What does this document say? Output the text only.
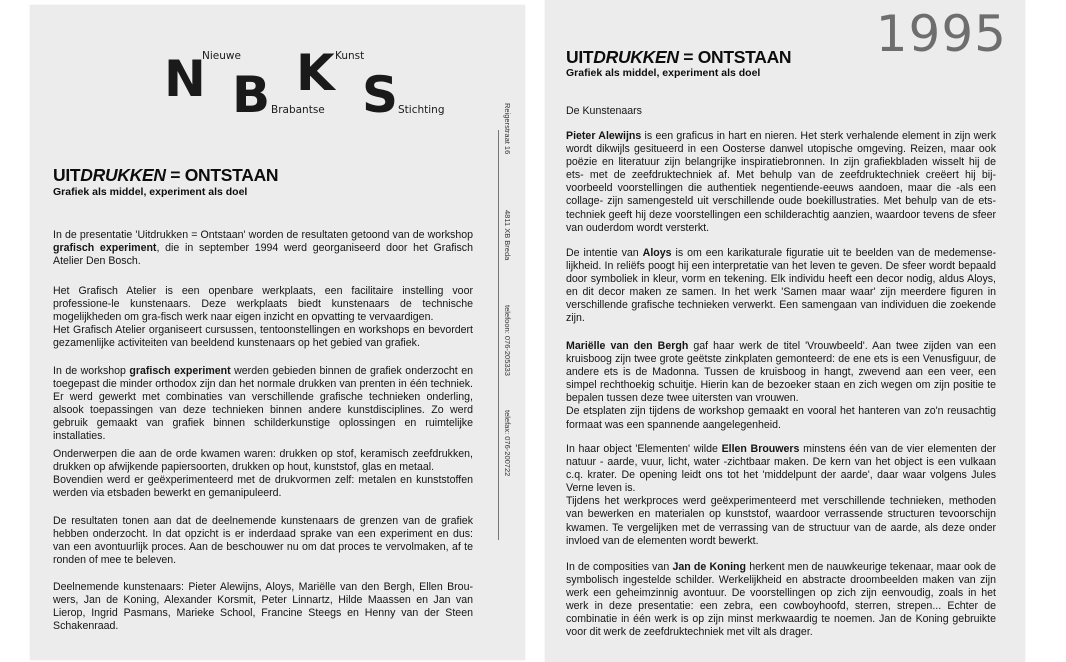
N
Nieuwe
B Brabantse
K Kunst
S Stichting	Reigerstraat 16
4811 XB Breda
telefoon: 076-205333
telefax: 076-200722
UITDRUKKEN = ONTSTAAN
Grafiek als middel, experiment als doel

In de presentatie 'Uitdrukken = Ontstaan' worden de resultaten getoond van de workshop grafisch experiment, die in september 1994 werd georganiseerd door het Grafisch Atelier Den Bosch.

Het Grafisch Atelier is een openbare werkplaats, een facilitaire instelling voor professione-le kunstenaars. Deze werkplaats biedt kunstenaars de technische mogelijkheden om gra-fisch werk naar eigen inzicht en opvatting te vervaardigen.
Het Grafisch Atelier organiseert cursussen, tentoonstellingen en workshops en bevordert gezamenlijke activiteiten van beeldend kunstenaars op het gebied van grafiek.

In de workshop grafisch experiment werden gebieden binnen de grafiek onderzocht en toegepast die minder orthodox zijn dan het normale drukken van prenten in één techniek. Er werd gewerkt met combinaties van verschillende grafische technieken onderling, alsook toepassingen van deze technieken binnen andere kunstdisciplines. Zo werd gebruik gemaakt van grafiek binnen schilderkunstige oplossingen en ruimtelijke installaties.

Onderwerpen die aan de orde kwamen waren: drukken op stof, keramisch zeefdrukken, drukken op afwijkende papiersoorten, drukken op hout, kunststof, glas en metaal.
Bovendien werd er geëxperimenteerd met de drukvormen zelf: metalen en kunststoffen werden via etsbaden bewerkt en gemanipuleerd.

De resultaten tonen aan dat de deelnemende kunstenaars de grenzen van de grafiek hebben onderzocht. In dat opzicht is er inderdaad sprake van een experiment en dus: van een avontuurlijk proces. Aan de beschouwer nu om dat proces te vervolmaken, af te ronden of mee te beleven.

Deelnemende kunstenaars: Pieter Alewijns, Aloys, Mariëlle van den Bergh, Ellen Brou-wers, Jan de Koning, Alexander Korsmit, Peter Linnartz, Hilde Maassen en Jan van Lierop, Ingrid Pasmans, Marieke School, Francine Steegs en Henny van der Steen Schakenraad.

1995
UITDRUKKEN = ONTSTAAN
Grafiek als middel, experiment als doel
De Kunstenaars

Pieter Alewijns is een graficus in hart en nieren. Het sterk verhalende element in zijn werk wordt dikwijls gesitueerd in een Oosterse danwel utopische omgeving. Reizen, maar ook poëzie en literatuur zijn belangrijke inspiratiebronnen. In zijn grafiekbladen wisselt hij de ets- met de zeefdruktechniek af. Met behulp van de zeefdruktechniek creëert hij bij-voorbeeld voorstellingen die authentiek negentiende-eeuws aandoen, maar die -als een collage- zijn samengesteld uit verschillende oude boekillustraties. Met behulp van de ets-techniek geeft hij deze voorstellingen een schilderachtig aanzien, waardoor tevens de sfeer van ouderdom wordt versterkt.

De intentie van Aloys is om een karikaturale figuratie uit te beelden van de medemense-lijkheid. In reliëfs poogt hij een interpretatie van het leven te geven. De sfeer wordt bepaald door symboliek in kleur, vorm en tekening. Elk individu heeft een decor nodig, aldus Aloys, en dit decor maken ze samen. In het werk 'Samen maar waar' zijn meerdere figuren in verschillende grafische technieken verwerkt. Een samengaan van individuen die zoekende zijn.

Mariëlle van den Bergh gaf haar werk de titel 'Vrouwbeeld'. Aan twee zijden van een kruisboog zijn twee grote geëtste zinkplaten gemonteerd: de ene ets is een Venusfiguur, de andere ets is de Madonna. Tussen de kruisboog in hangt, zwevend aan een veer, een simpel rechthoekig schuitje. Hierin kan de bezoeker staan en zich wegen om zijn positie te bepalen tussen deze twee uitersten van vrouwen.
De etsplaten zijn tijdens de workshop gemaakt en vooral het hanteren van zo'n reusachtig formaat was een spannende aangelegenheid.

In haar object 'Elementen' wilde Ellen Brouwers minstens één van de vier elementen der natuur - aarde, vuur, licht, water -zichtbaar maken. De kern van het object is een vulkaan c.q. krater. De opening leidt ons tot het 'middelpunt der aarde', daar waar volgens Jules Verne leven is.
Tijdens het werkproces werd geëxperimenteerd met verschillende technieken, methoden van bewerken en materialen op kunststof, waardoor verrassende structuren tevoorschijn kwamen. Te vergelijken met de verrassing van de structuur van de aarde, als deze onder invloed van de elementen wordt bewerkt.

In de composities van Jan de Koning herkent men de nauwkeurige tekenaar, maar ook de symbolisch ingestelde schilder. Werkelijkheid en abstracte droombeelden maken van zijn werk een geheimzinnig avontuur. De voorstellingen op zich zijn eenvoudig, zoals in het werk in deze presentatie: een zebra, een cowboyhoofd, sterren, strepen... Echter de combinatie in één werk is op zijn minst merkwaardig te noemen. Jan de Koning gebruikte voor dit werk de zeefdruktechniek met vilt als drager.
